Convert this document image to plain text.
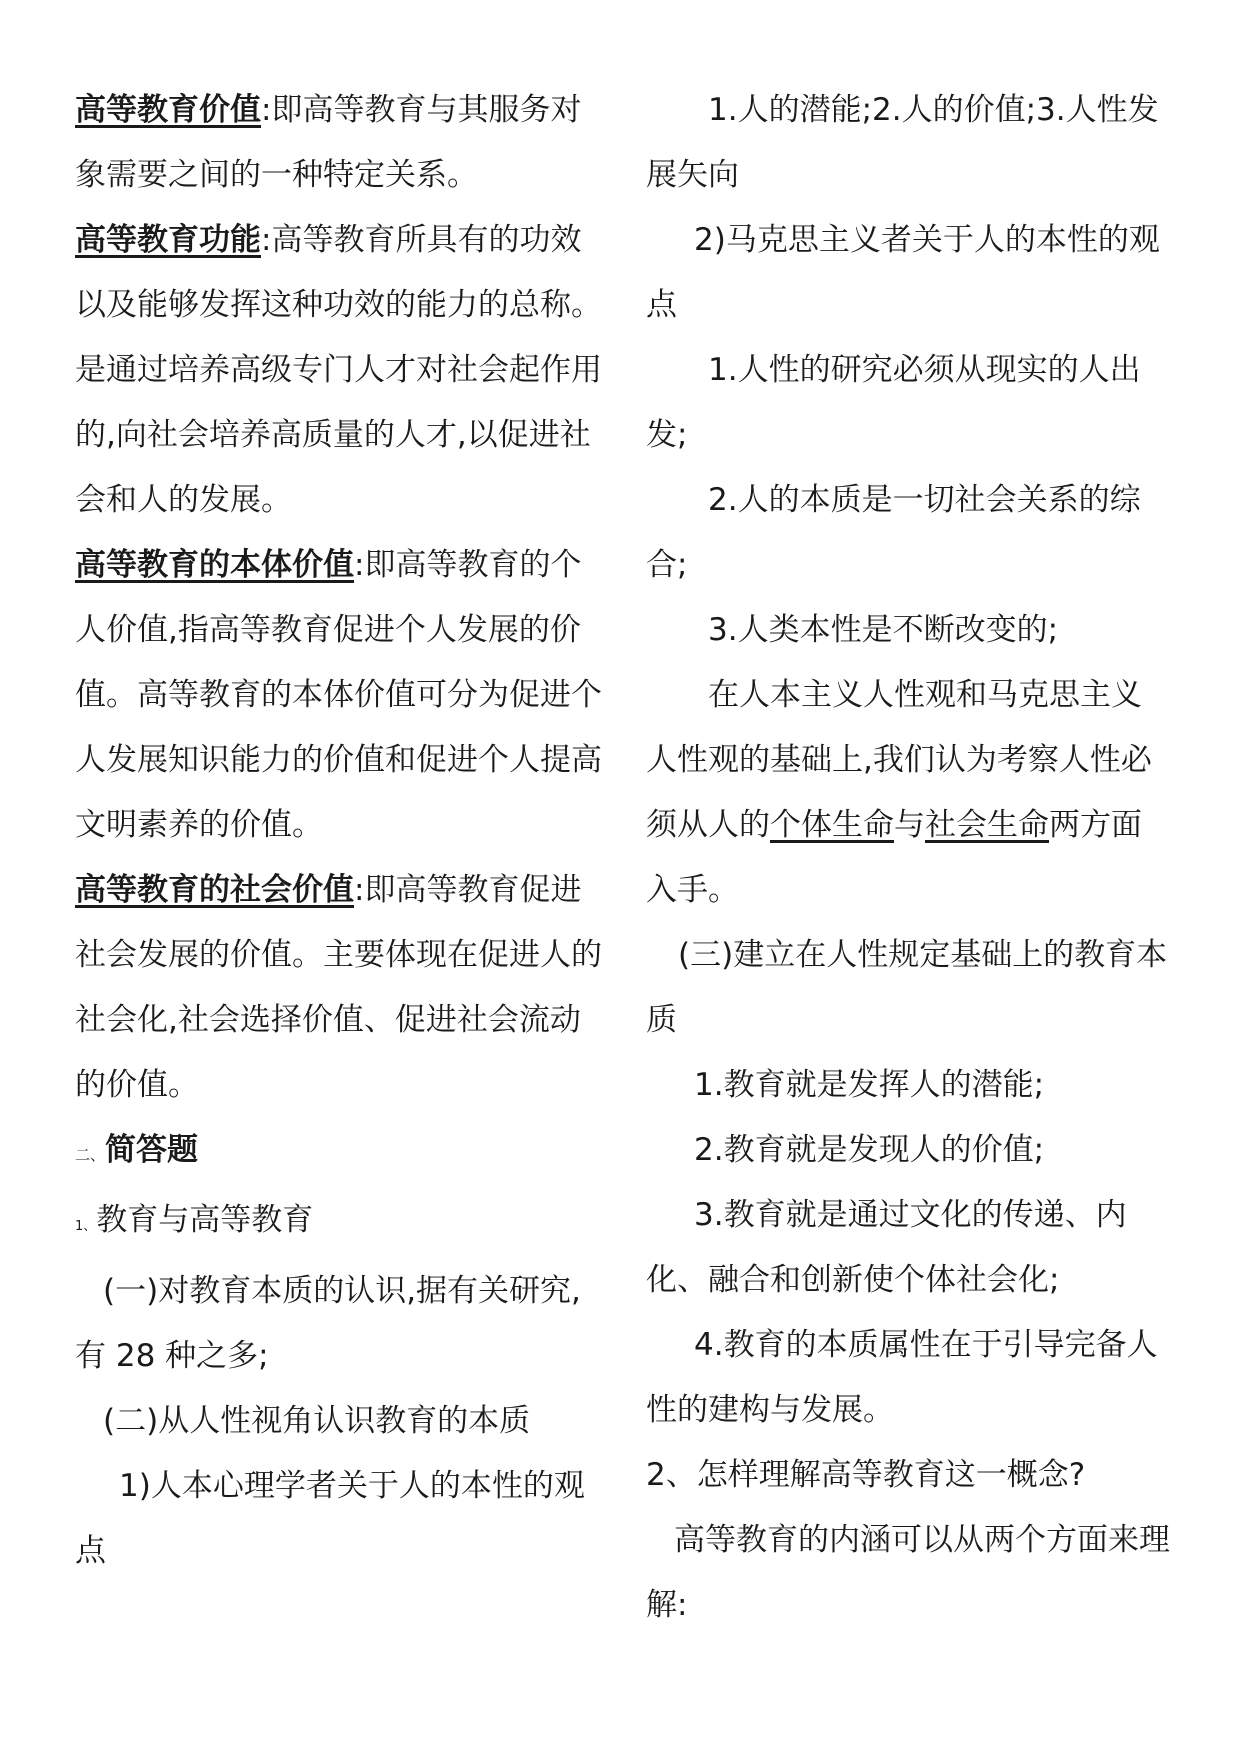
高等教育价值:即高等教育与其服务对象需要之间的一种特定关系。

高等教育功能:高等教育所具有的功效以及能够发挥这种功效的能力的总称。是通过培养高级专门人才对社会起作用的,向社会培养高质量的人才,以促进社会和人的发展。

高等教育的本体价值:即高等教育的个人价值,指高等教育促进个人发展的价值。高等教育的本体价值可分为促进个人发展知识能力的价值和促进个人提高文明素养的价值。

高等教育的社会价值:即高等教育促进社会发展的价值。主要体现在促进人的社会化,社会选择价值、促进社会流动的价值。

二、简答题

1、教育与高等教育

(一)对教育本质的认识,据有关研究,有 28 种之多;

(二)从人性视角认识教育的本质

1)人本心理学者关于人的本性的观点

1.人的潜能;2.人的价值;3.人性发展矢向

2)马克思主义者关于人的本性的观点

1.人性的研究必须从现实的人出发;

2.人的本质是一切社会关系的综合;

3.人类本性是不断改变的;

在人本主义人性观和马克思主义人性观的基础上,我们认为考察人性必须从人的个体生命与社会生命两方面入手。

(三)建立在人性规定基础上的教育本质

1.教育就是发挥人的潜能;

2.教育就是发现人的价值;

3.教育就是通过文化的传递、内化、融合和创新使个体社会化;

4.教育的本质属性在于引导完备人性的建构与发展。

2、怎样理解高等教育这一概念?

高等教育的内涵可以从两个方面来理解:
